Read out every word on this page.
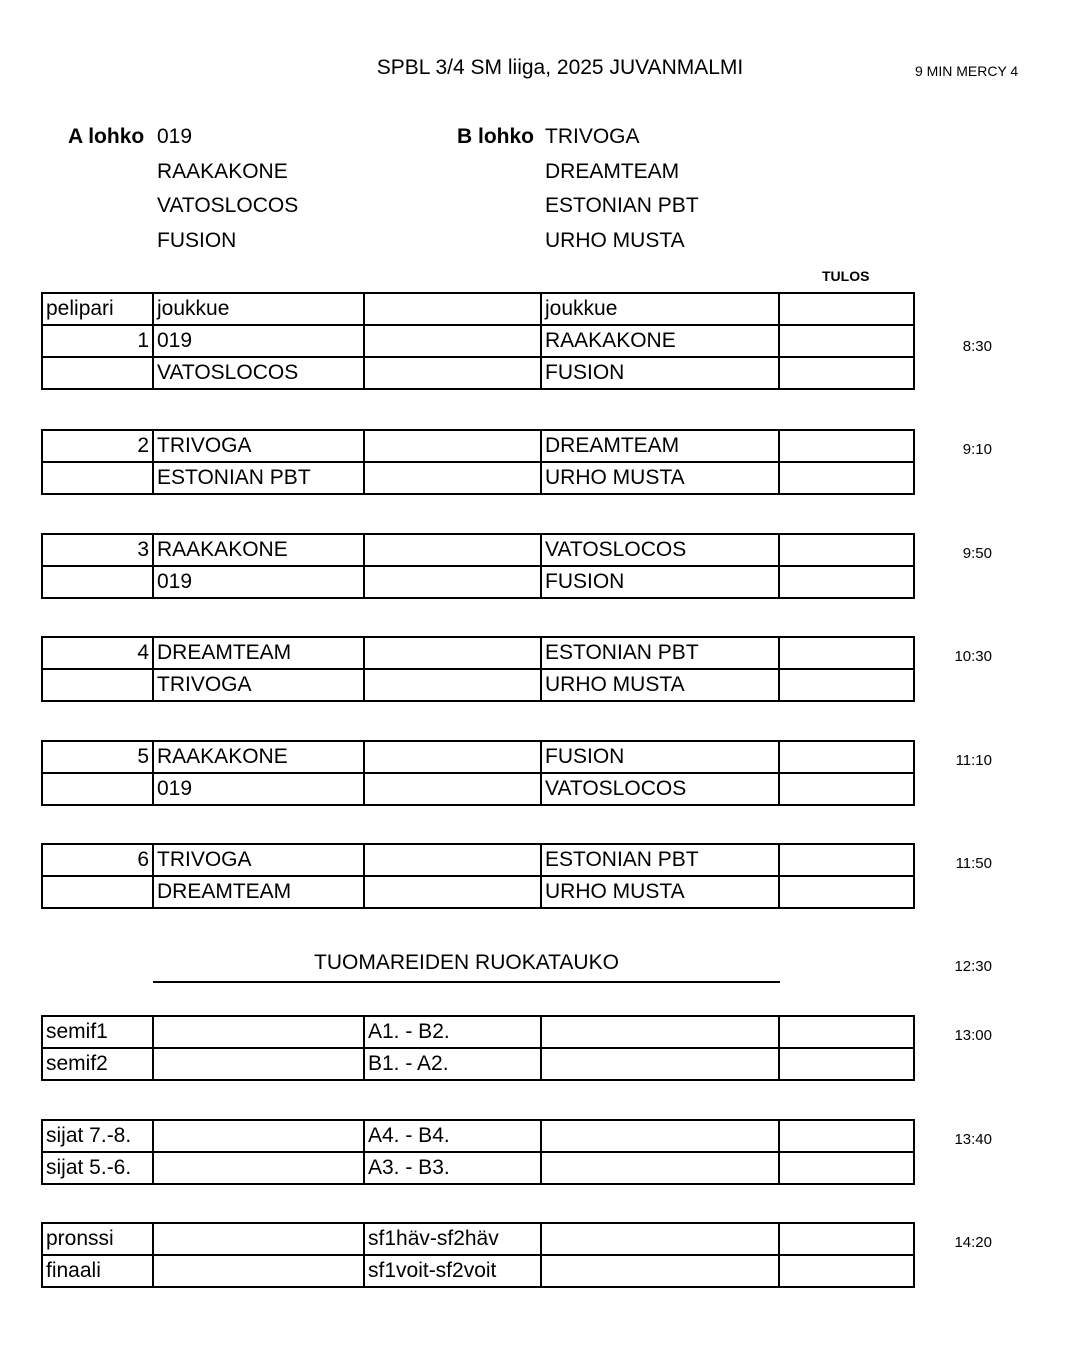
SPBL 3/4 SM liiga, 2025 JUVANMALMI	9 MIN MERCY 4
A lohko 019
RAAKAKONE
VATOSLOCOS
FUSION
B lohko TRIVOGA
DREAMTEAM
ESTONIAN PBT
URHO MUSTA
TULOS
pelipari	joukkue		joukkue	
1	019		RAAKAKONE	
	VATOSLOCOS		FUSION	
8:30
2	TRIVOGA		DREAMTEAM	
	ESTONIAN PBT		URHO MUSTA	
9:10
3	RAAKAKONE		VATOSLOCOS	
	019		FUSION	
9:50
4	DREAMTEAM		ESTONIAN PBT	
	TRIVOGA		URHO MUSTA	
10:30
5	RAAKAKONE		FUSION	
	019		VATOSLOCOS	
11:10
6	TRIVOGA		ESTONIAN PBT	
	DREAMTEAM		URHO MUSTA	
11:50
TUOMAREIDEN RUOKATAUKO	12:30
semif1		A1. - B2.		
semif2		B1. - A2.		
13:00
sijat 7.-8.		A4. - B4.		
sijat 5.-6.		A3. - B3.		
13:40
pronssi		sf1häv-sf2häv		
finaali		sf1voit-sf2voit		
14:20
